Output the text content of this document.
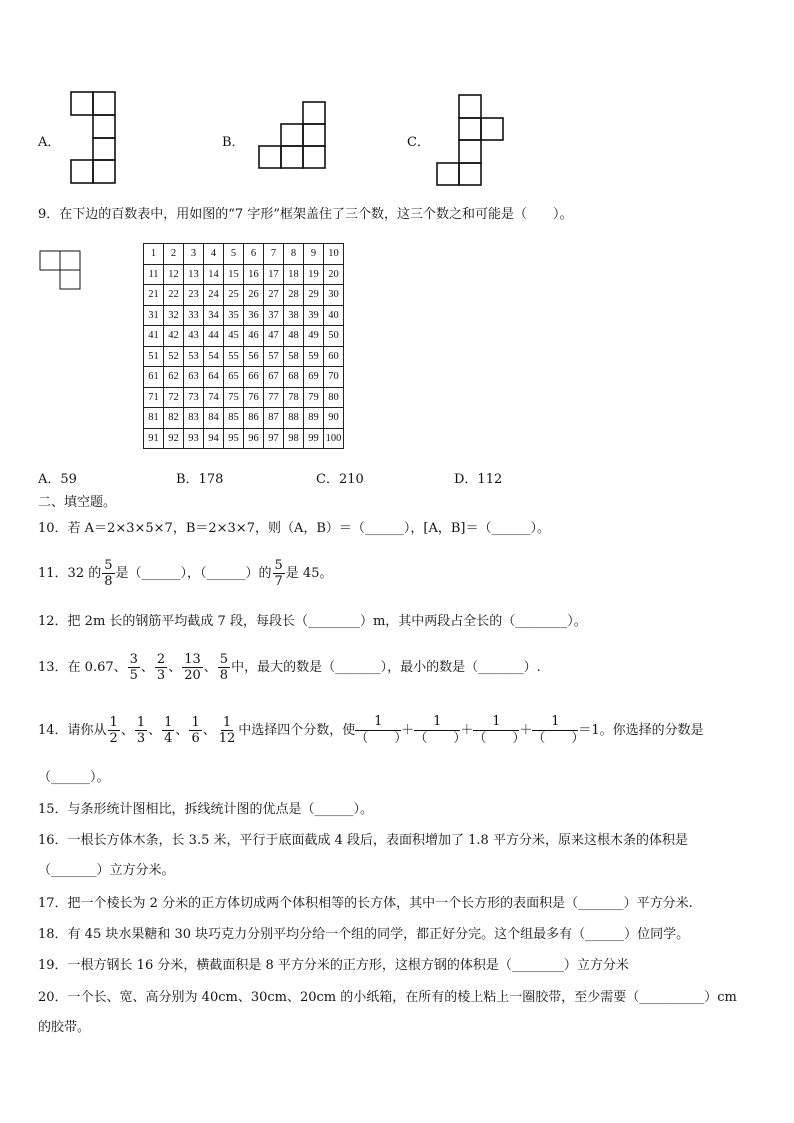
A．	B．	C．
9．在下边的百数表中，用如图的“7 字形”框架盖住了三个数，这三个数之和可能是（　　）。
1	2	3	4	5	6	7	8	9	10
11	12	13	14	15	16	17	18	19	20
21	22	23	24	25	26	27	28	29	30
31	32	33	34	35	36	37	38	39	40
41	42	43	44	45	46	47	48	49	50
51	52	53	54	55	56	57	58	59	60
61	62	63	64	65	66	67	68	69	70
71	72	73	74	75	76	77	78	79	80
81	82	83	84	85	86	87	88	89	90
91	92	93	94	95	96	97	98	99	100
A．59	B．178	C．210	D．112
二、填空题。
10．若 A＝2×3×5×7，B＝2×3×7，则（A，B）＝（______），[A，B]＝（______）。
11．32 的 $\frac{5}{8}$ 是（______），（______）的 $\frac{5}{7}$ 是 45。
12．把 2m 长的钢筋平均截成 7 段，每段长（________）m，其中两段占全长的（________）。
13．在 0.67、 $\frac{3}{5}$ 、 $\frac{2}{3}$ 、 $\frac{13}{20}$ 、 $\frac{5}{8}$ 中，最大的数是（_______），最小的数是（_______）.
14．请你从 $\frac{1}{2}$ 、 $\frac{1}{3}$ 、 $\frac{1}{4}$ 、 $\frac{1}{6}$ 、 $\frac{1}{12}$ 中选择四个分数，使
1
（　　）
＋
1
（　　）
＋
1
（　　）
＋
1
（　　）
＝1。你选择的分数是
（______）。
15．与条形统计图相比，拆线统计图的优点是（______）。
16．一根长方体木条，长 3.5 米，平行于底面截成 4 段后，表面积增加了 1.8 平方分米，原来这根木条的体积是
（_______）立方分米。
17．把一个棱长为 2 分米的正方体切成两个体积相等的长方体，其中一个长方形的表面积是（_______）平方分米.
18．有 45 块水果糖和 30 块巧克力分别平均分给一个组的同学，都正好分完。这个组最多有（______）位同学。
19．一根方钢长 16 分米，横截面积是 8 平方分米的正方形，这根方钢的体积是（________）立方分米
20．一个长、宽、高分别为 40cm、30cm、20cm 的小纸箱，在所有的棱上粘上一圈胶带，至少需要（__________）cm
的胶带。
